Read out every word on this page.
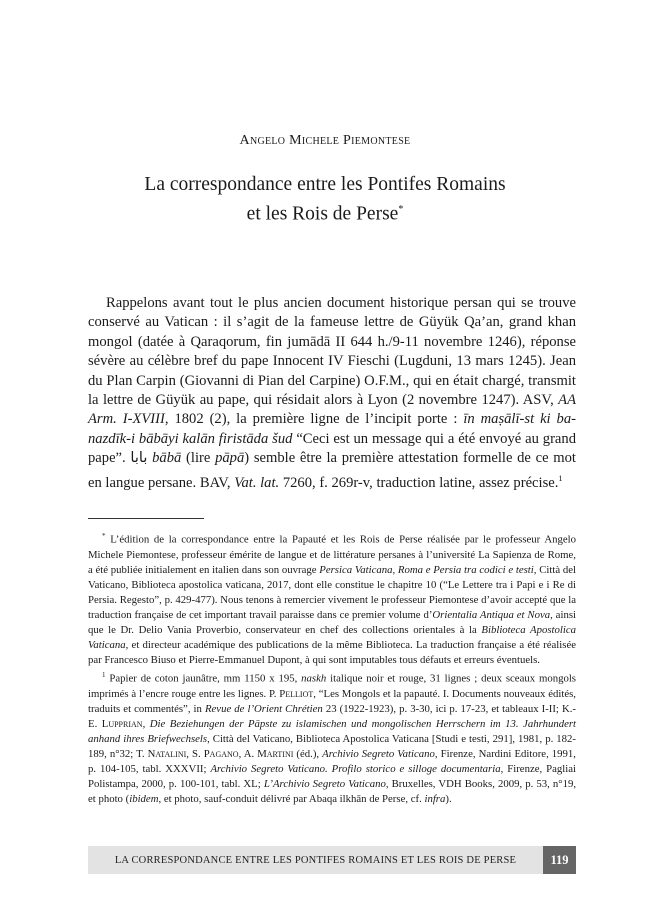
Angelo Michele Piemontese
La correspondance entre les Pontifes Romains
et les Rois de Perse*

Rappelons avant tout le plus ancien document historique persan qui se trouve conservé au Vatican : il s’agit de la fameuse lettre de Güyük Qa’an, grand khan mongol (datée à Qaraqorum, fin jumādā II 644 h./9-11 novembre 1246), réponse sévère au célèbre bref du pape Innocent IV Fieschi (Lugduni, 13 mars 1245). Jean du Plan Carpin (Giovanni di Pian del Carpine) O.F.M., qui en était chargé, transmit la lettre de Güyük au pape, qui résidait alors à Lyon (2 novembre 1247). ASV, AA Arm. I-XVIII, 1802 (2), la première ligne de l’incipit porte : īn maṣālī-st ki ba-nazdīk-i bābāyi kalān firistāda šud “Ceci est un message qui a été envoyé au grand pape”. بابا bābā (lire pāpā) semble être la première attestation formelle de ce mot en langue persane. BAV, Vat. lat. 7260, f. 269r-v, traduction latine, assez précise.$^1$

* L’édition de la correspondance entre la Papauté et les Rois de Perse réalisée par le professeur Angelo Michele Piemontese, professeur émérite de langue et de littérature persanes à l’université La Sapienza de Rome, a été publiée initialement en italien dans son ouvrage Persica Vaticana, Roma e Persia tra codici e testi, Città del Vaticano, Biblioteca apostolica vaticana, 2017, dont elle constitue le chapitre 10 (“Le Lettere tra i Papi e i Re di Persia. Regesto”, p. 429-477). Nous tenons à remercier vivement le professeur Piemontese d’avoir accepté que la traduction française de cet important travail paraisse dans ce premier volume d’Orientalia Antiqua et Nova, ainsi que le Dr. Delio Vania Proverbio, conservateur en chef des collections orientales à la Biblioteca Apostolica Vaticana, et directeur académique des publications de la même Biblioteca. La traduction française a été réalisée par Francesco Biuso et Pierre-Emmanuel Dupont, à qui sont imputables tous défauts et erreurs éventuels.

$^1$ Papier de coton jaunâtre, mm 1150 x 195, naskh italique noir et rouge, 31 lignes ; deux sceaux mongols imprimés à l’encre rouge entre les lignes. P. Pelliot, “Les Mongols et la papauté. I. Documents nouveaux édités, traduits et commentés”, in Revue de l’Orient Chrétien 23 (1922-1923), p. 3-30, ici p. 17-23, et tableaux I-II; K.-E. Lupprian, Die Beziehungen der Päpste zu islamischen und mongolischen Herrschern im 13. Jahrhundert anhand ihres Briefwechsels, Città del Vaticano, Biblioteca Apostolica Vaticana [Studi e testi, 291], 1981, p. 182-189, n°32; T. Natalini, S. Pagano, A. Martini (éd.), Archivio Segreto Vaticano, Firenze, Nardini Editore, 1991, p. 104-105, tabl. XXXVII; Archivio Segreto Vaticano. Profilo storico e silloge documentaria, Firenze, Pagliai Polistampa, 2000, p. 100-101, tabl. XL; L’Archivio Segreto Vaticano, Bruxelles, VDH Books, 2009, p. 53, n°19, et photo (ibidem, et photo, sauf-conduit délivré par Abaqa ilkhān de Perse, cf. infra).

LA CORRESPONDANCE ENTRE LES PONTIFES ROMAINS ET LES ROIS DE PERSE	119
